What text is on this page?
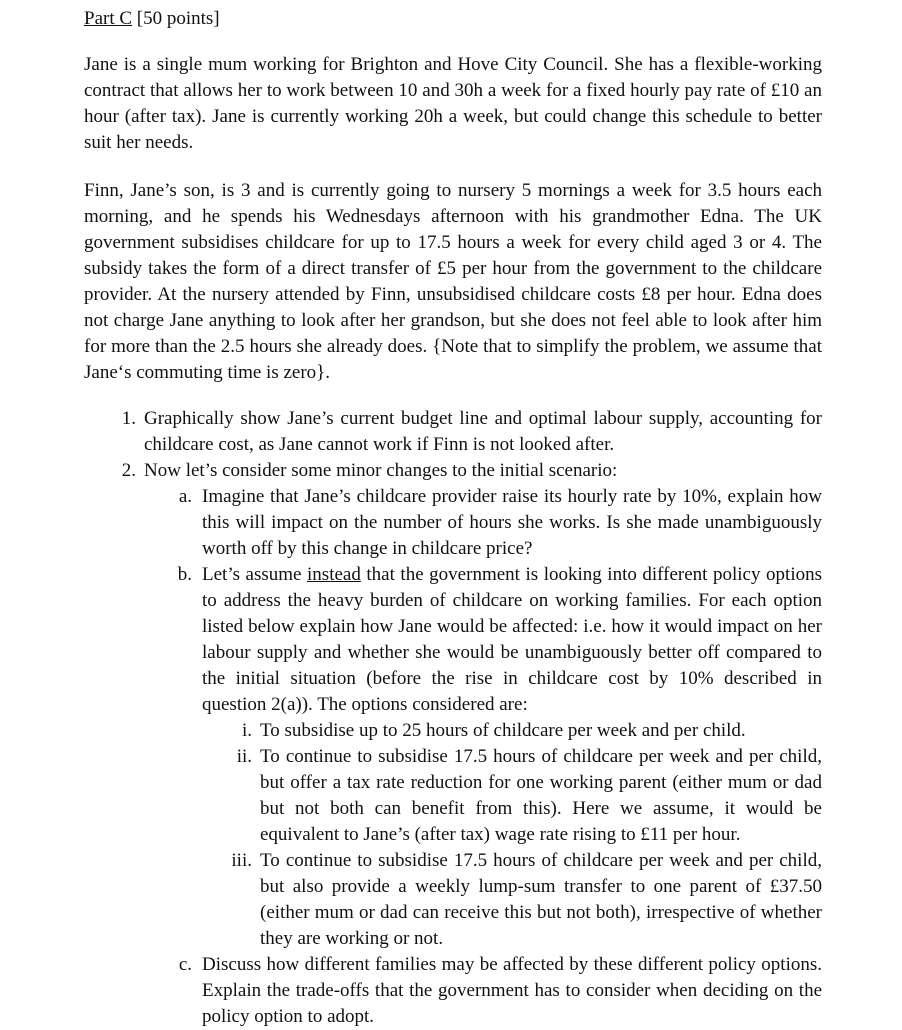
Part C [50 points]

Jane is a single mum working for Brighton and Hove City Council. She has a flexible-working contract that allows her to work between 10 and 30h a week for a fixed hourly pay rate of £10 an hour (after tax). Jane is currently working 20h a week, but could change this schedule to better suit her needs.

Finn, Jane’s son, is 3 and is currently going to nursery 5 mornings a week for 3.5 hours each morning, and he spends his Wednesdays afternoon with his grandmother Edna. The UK government subsidises childcare for up to 17.5 hours a week for every child aged 3 or 4. The subsidy takes the form of a direct transfer of £5 per hour from the government to the childcare provider. At the nursery attended by Finn, unsubsidised childcare costs £8 per hour. Edna does not charge Jane anything to look after her grandson, but she does not feel able to look after him for more than the 2.5 hours she already does. {Note that to simplify the problem, we assume that Jane‘s commuting time is zero}.

1. Graphically show Jane’s current budget line and optimal labour supply, accounting for childcare cost, as Jane cannot work if Finn is not looked after.
2. Now let’s consider some minor changes to the initial scenario:
a. Imagine that Jane’s childcare provider raise its hourly rate by 10%, explain how this will impact on the number of hours she works. Is she made unambiguously worth off by this change in childcare price?
b. Let’s assume instead that the government is looking into different policy options to address the heavy burden of childcare on working families. For each option listed below explain how Jane would be affected: i.e. how it would impact on her labour supply and whether she would be unambiguously better off compared to the initial situation (before the rise in childcare cost by 10% described in question 2(a)). The options considered are:
i. To subsidise up to 25 hours of childcare per week and per child.
ii. To continue to subsidise 17.5 hours of childcare per week and per child, but offer a tax rate reduction for one working parent (either mum or dad but not both can benefit from this). Here we assume, it would be equivalent to Jane’s (after tax) wage rate rising to £11 per hour.
iii. To continue to subsidise 17.5 hours of childcare per week and per child, but also provide a weekly lump-sum transfer to one parent of £37.50 (either mum or dad can receive this but not both), irrespective of whether they are working or not.
c. Discuss how different families may be affected by these different policy options. Explain the trade-offs that the government has to consider when deciding on the policy option to adopt.
